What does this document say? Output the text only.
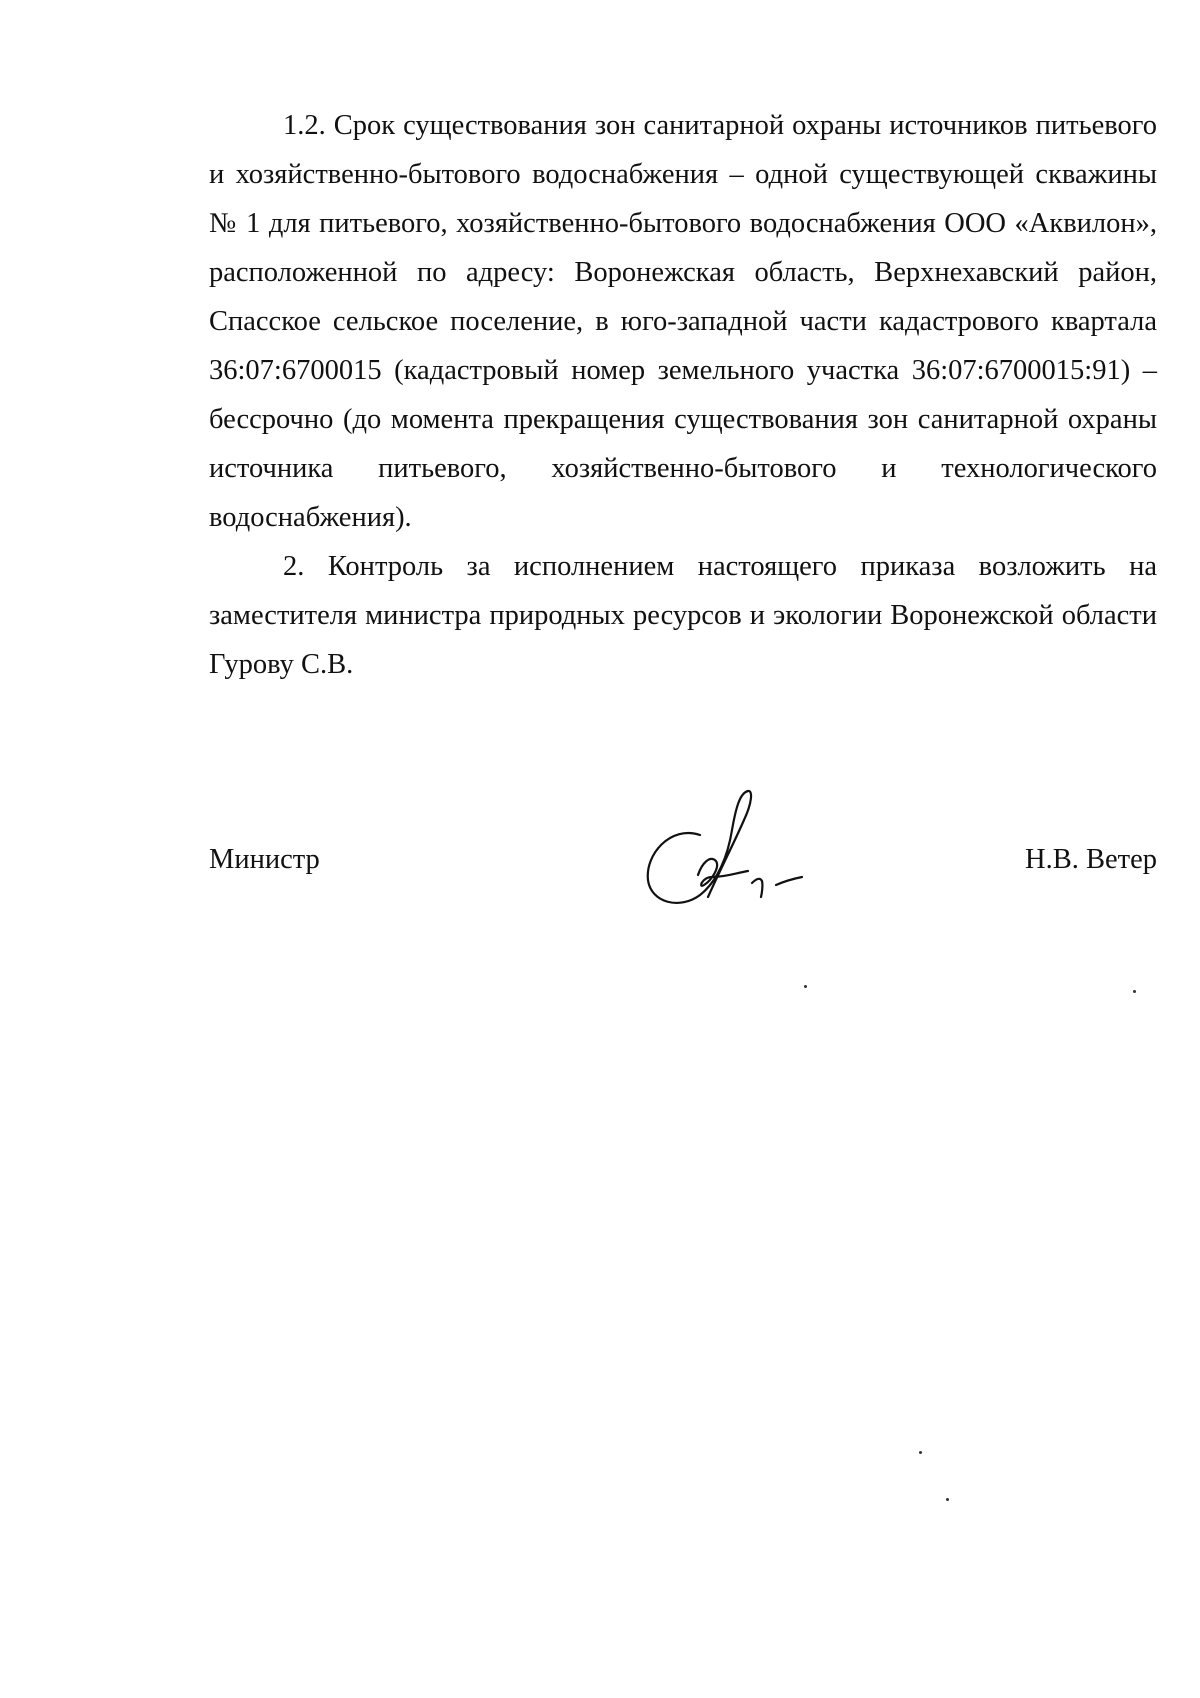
1.2. Срок существования зон санитарной охраны источников питьевого и хозяйственно-бытового водоснабжения – одной существующей скважины № 1 для питьевого, хозяйственно-бытового водоснабжения ООО «Аквилон», расположенной по адресу: Воронежская область, Верхнехавский район, Спасское сельское поселение, в юго-западной части кадастрового квартала 36:07:6700015 (кадастровый номер земельного участка 36:07:6700015:91) – бессрочно (до момента прекращения существования зон санитарной охраны источника питьевого, хозяйственно-бытового и технологического водоснабжения).

2. Контроль за исполнением настоящего приказа возложить на заместителя министра природных ресурсов и экологии Воронежской области Гурову С.В.

Министр	Н.В. Ветер
